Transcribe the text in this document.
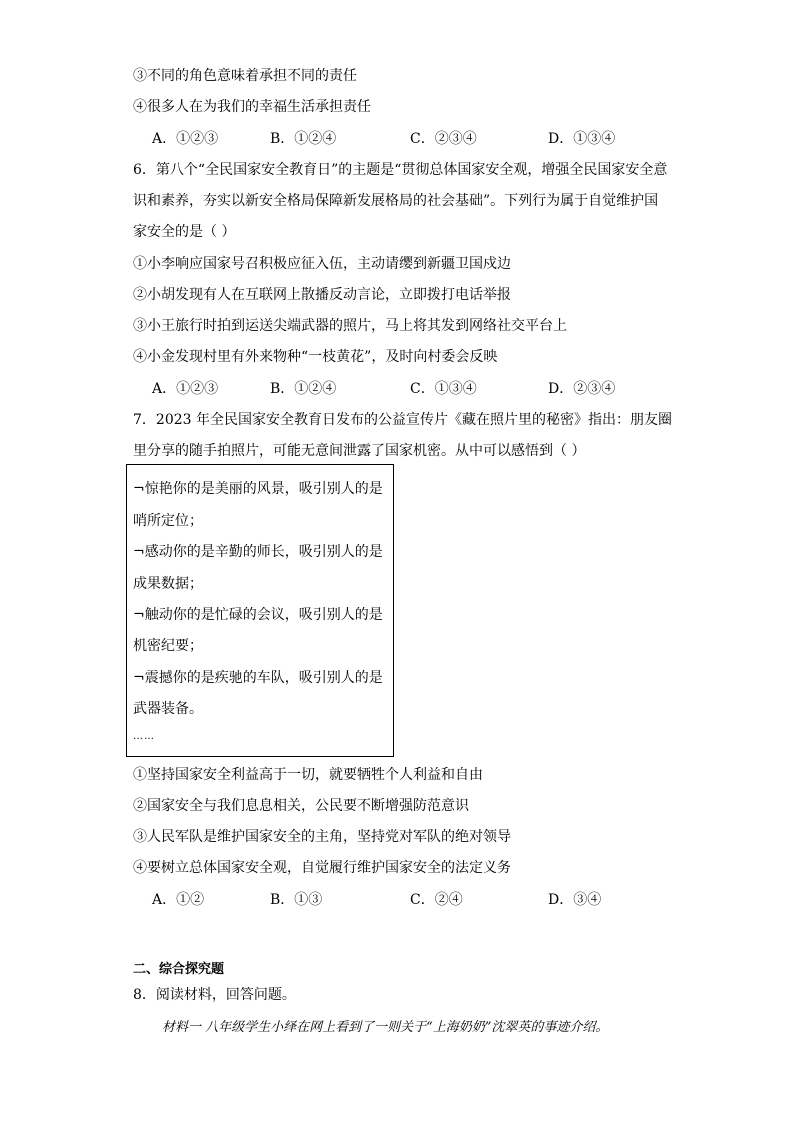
③不同的角色意味着承担不同的责任
④很多人在为我们的幸福生活承担责任
A．①②③	B．①②④	C．②③④	D．①③④
6．第八个“全民国家安全教育日”的主题是“贯彻总体国家安全观，增强全民国家安全意
识和素养，夯实以新安全格局保障新发展格局的社会基础”。下列行为属于自觉维护国
家安全的是（ ）
①小李响应国家号召积极应征入伍，主动请缨到新疆卫国戍边
②小胡发现有人在互联网上散播反动言论，立即拨打电话举报
③小王旅行时拍到运送尖端武器的照片，马上将其发到网络社交平台上
④小金发现村里有外来物种“一枝黄花”，及时向村委会反映
A．①②③	B．①②④	C．①③④	D．②③④
7．2023 年全民国家安全教育日发布的公益宣传片《藏在照片里的秘密》指出：朋友圈
里分享的随手拍照片，可能无意间泄露了国家机密。从中可以感悟到（ ）
¬惊艳你的是美丽的风景，吸引别人的是
哨所定位；
¬感动你的是辛勤的师长，吸引别人的是
成果数据；
¬触动你的是忙碌的会议，吸引别人的是
机密纪要；
¬震撼你的是疾驰的车队，吸引别人的是
武器装备。
……
①坚持国家安全利益高于一切，就要牺牲个人利益和自由
②国家安全与我们息息相关，公民要不断增强防范意识
③人民军队是维护国家安全的主角，坚持党对军队的绝对领导
④要树立总体国家安全观，自觉履行维护国家安全的法定义务
A．①②	B．①③	C．②④	D．③④
二、综合探究题
8．阅读材料，回答问题。
材料一 八年级学生小绎在网上看到了一则关于“上海奶奶”沈翠英的事迹介绍。
